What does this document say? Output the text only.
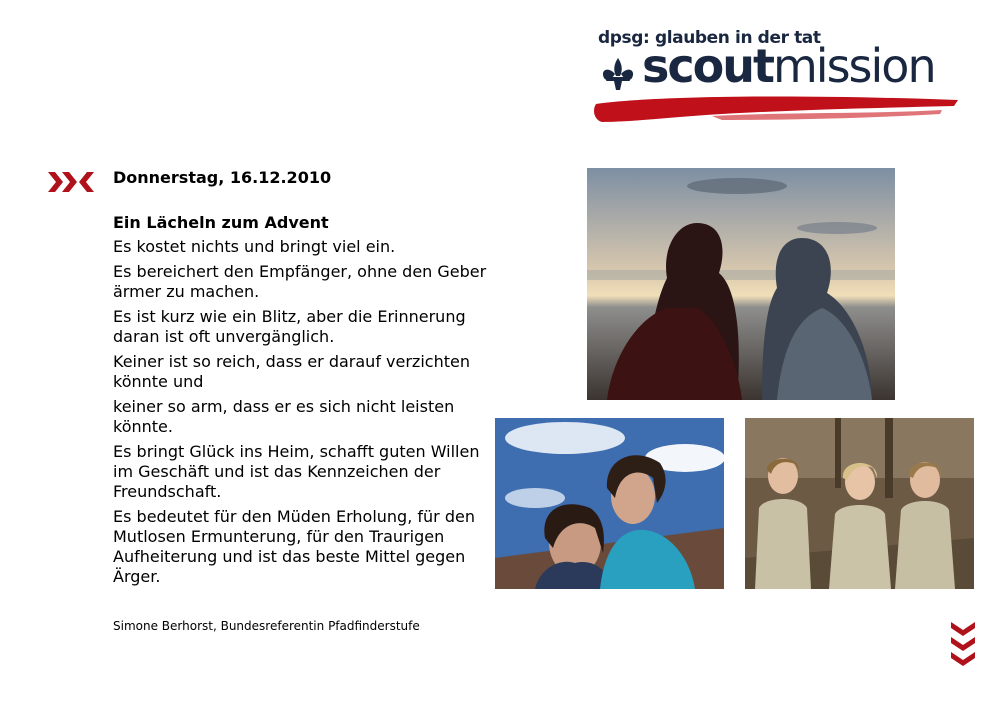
dpsg: glauben in der tat
scoutmission
Donnerstag, 16.12.2010
Ein Lächeln zum Advent
Es kostet nichts und bringt viel ein.
Es bereichert den Empfänger, ohne den Geber ärmer zu machen.
Es ist kurz wie ein Blitz, aber die Erinnerung daran ist oft unvergänglich.
Keiner ist so reich, dass er darauf verzichten könnte und
keiner so arm, dass er es sich nicht leisten könnte.
Es bringt Glück ins Heim, schafft guten Willen im Geschäft und ist das Kennzeichen der Freundschaft.
Es bedeutet für den Müden Erholung, für den Mutlosen Ermunterung, für den Traurigen Aufheiterung und ist das beste Mittel gegen Ärger.
Simone Berhorst, Bundesreferentin Pfadfinderstufe
